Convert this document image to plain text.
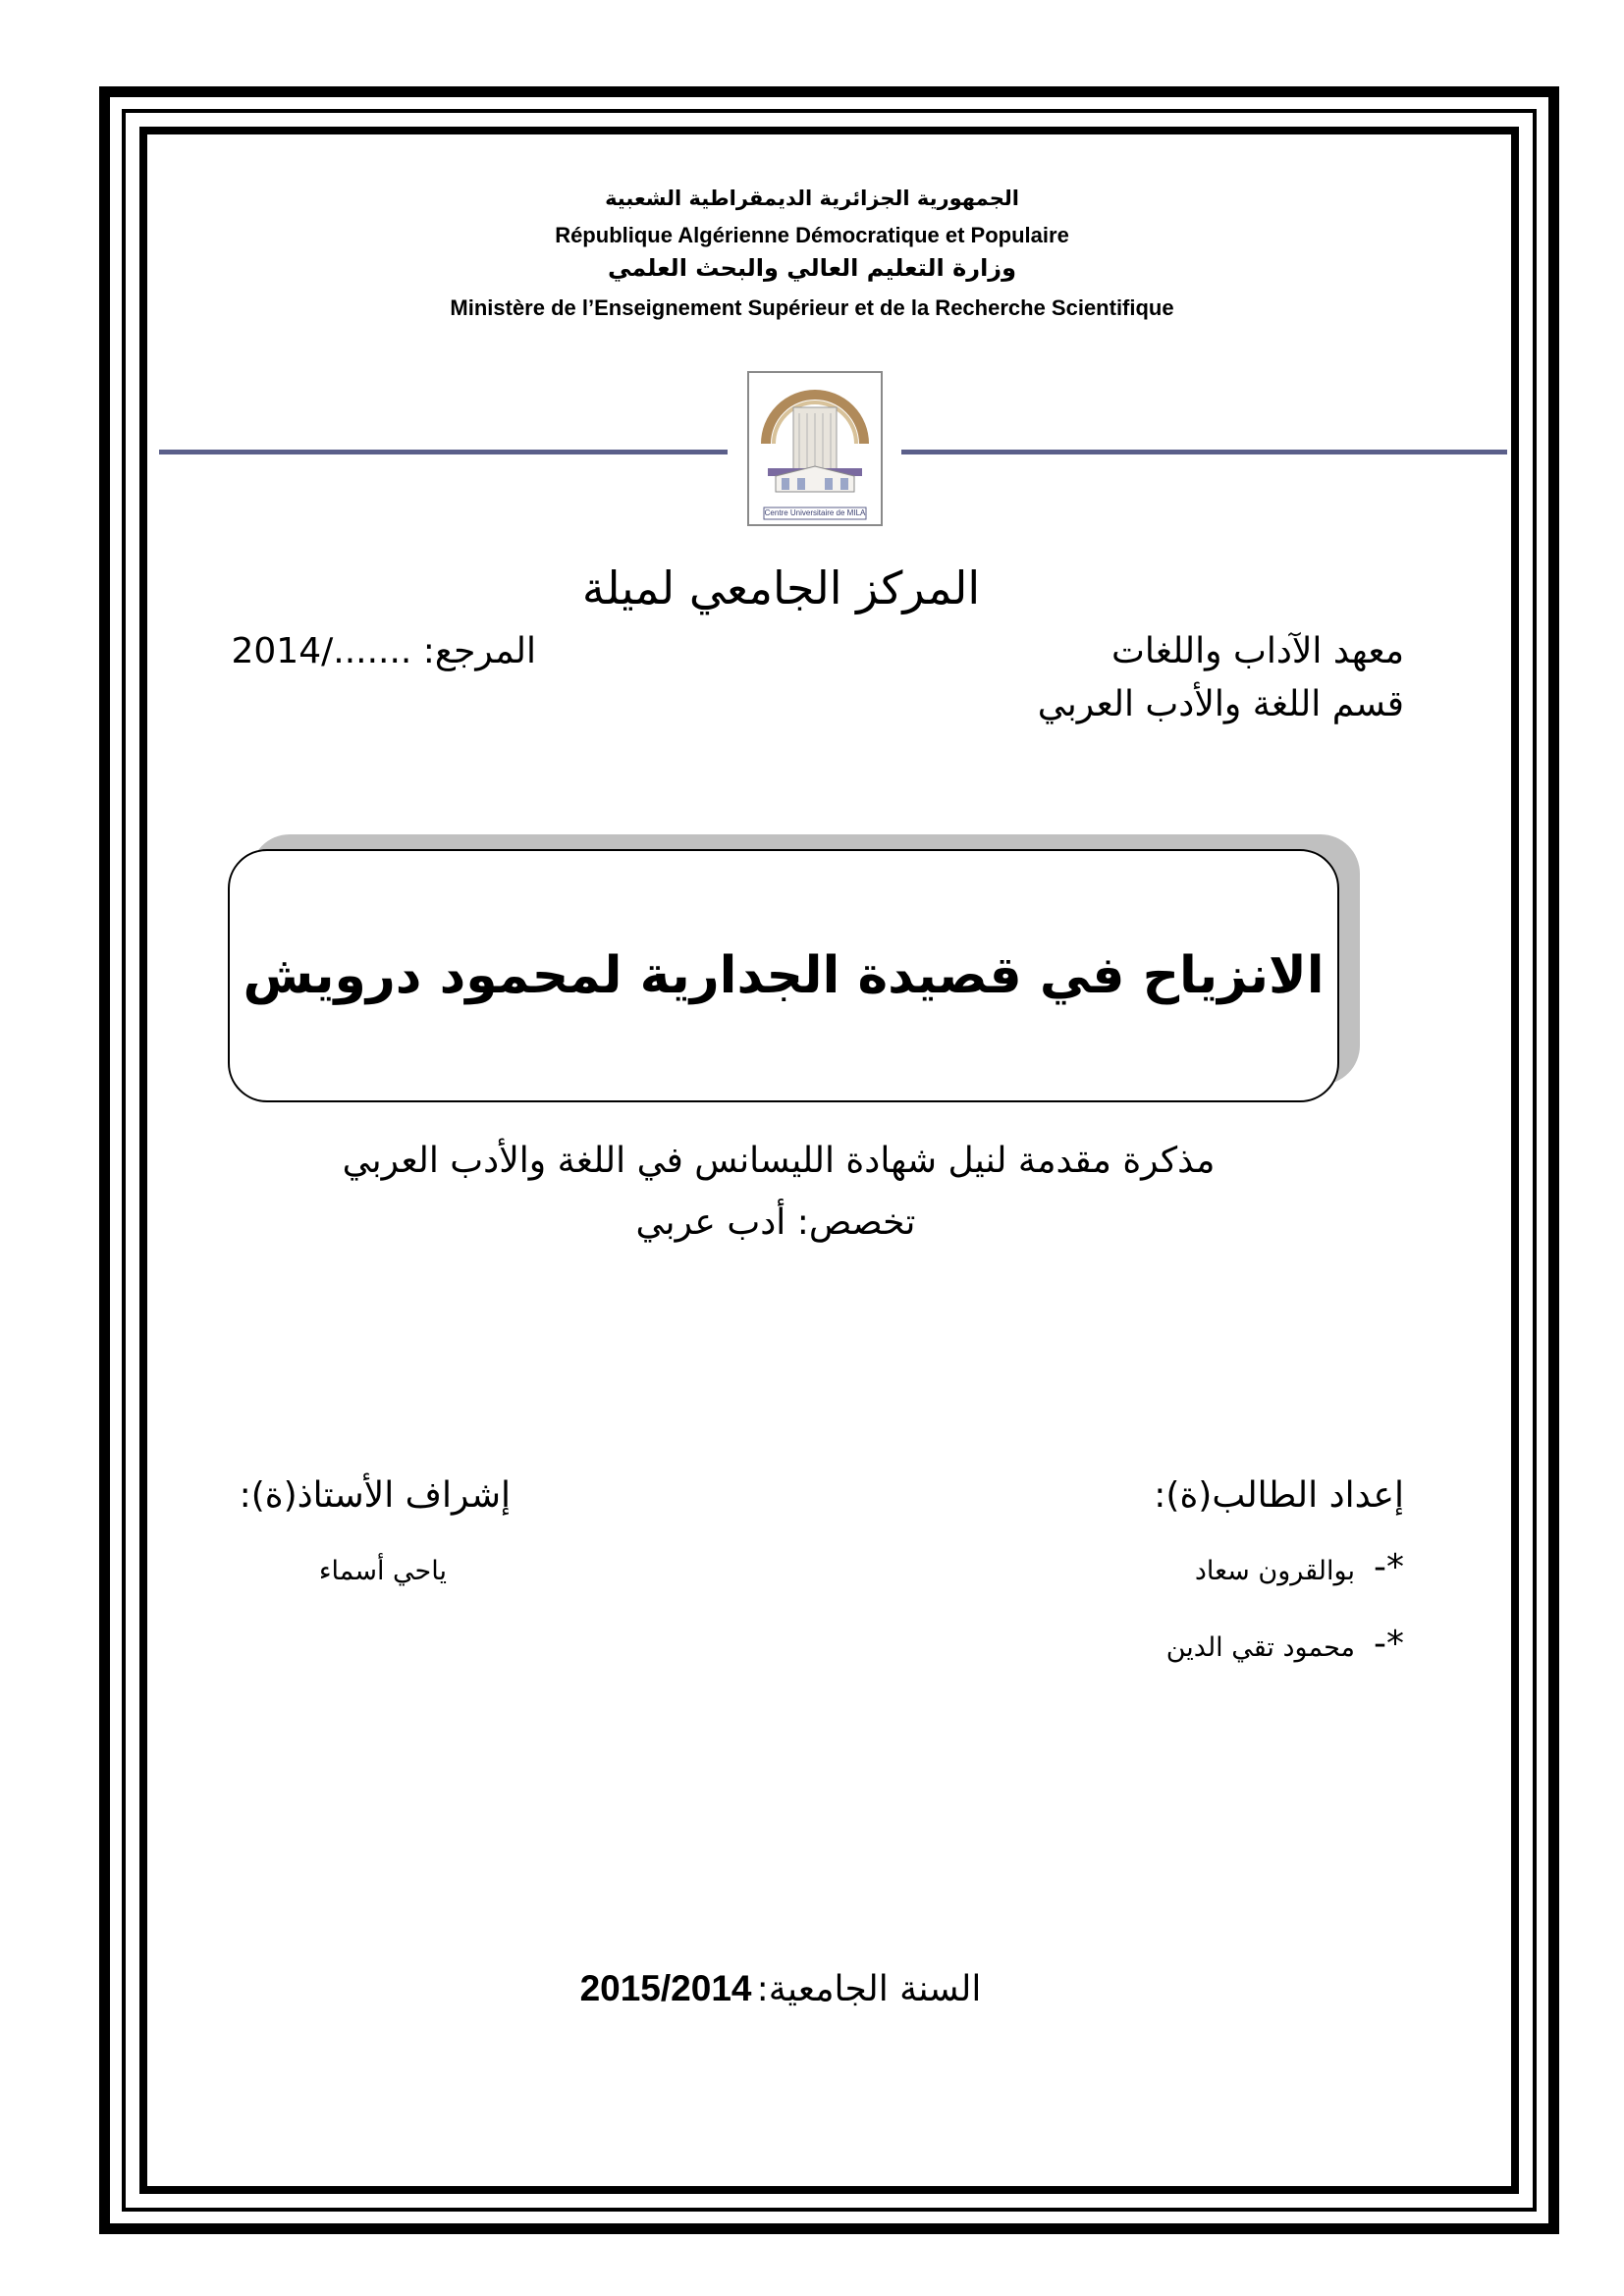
الجمهورية الجزائرية الديمقراطية الشعبية
République Algérienne Démocratique et Populaire
وزارة التعليم العالي والبحث العلمي
Ministère de l’Enseignement Supérieur et de la Recherche Scientifique
Centre Universitaire de MILA
المركز الجامعي لميلة
معهد الآداب واللغات
قسم اللغة والأدب العربي
المرجع: ......./2014
الانزياح في قصيدة الجدارية لمحمود درويش
مذكرة مقدمة لنيل شهادة الليسانس في اللغة والأدب العربي
تخصص: أدب عربي
إعداد الطالب(ة):
بوالقرون سعاد *-
محمود تقي الدين *-
إشراف الأستاذ(ة):
ياحي أسماء
السنة الجامعية: 2015/2014
